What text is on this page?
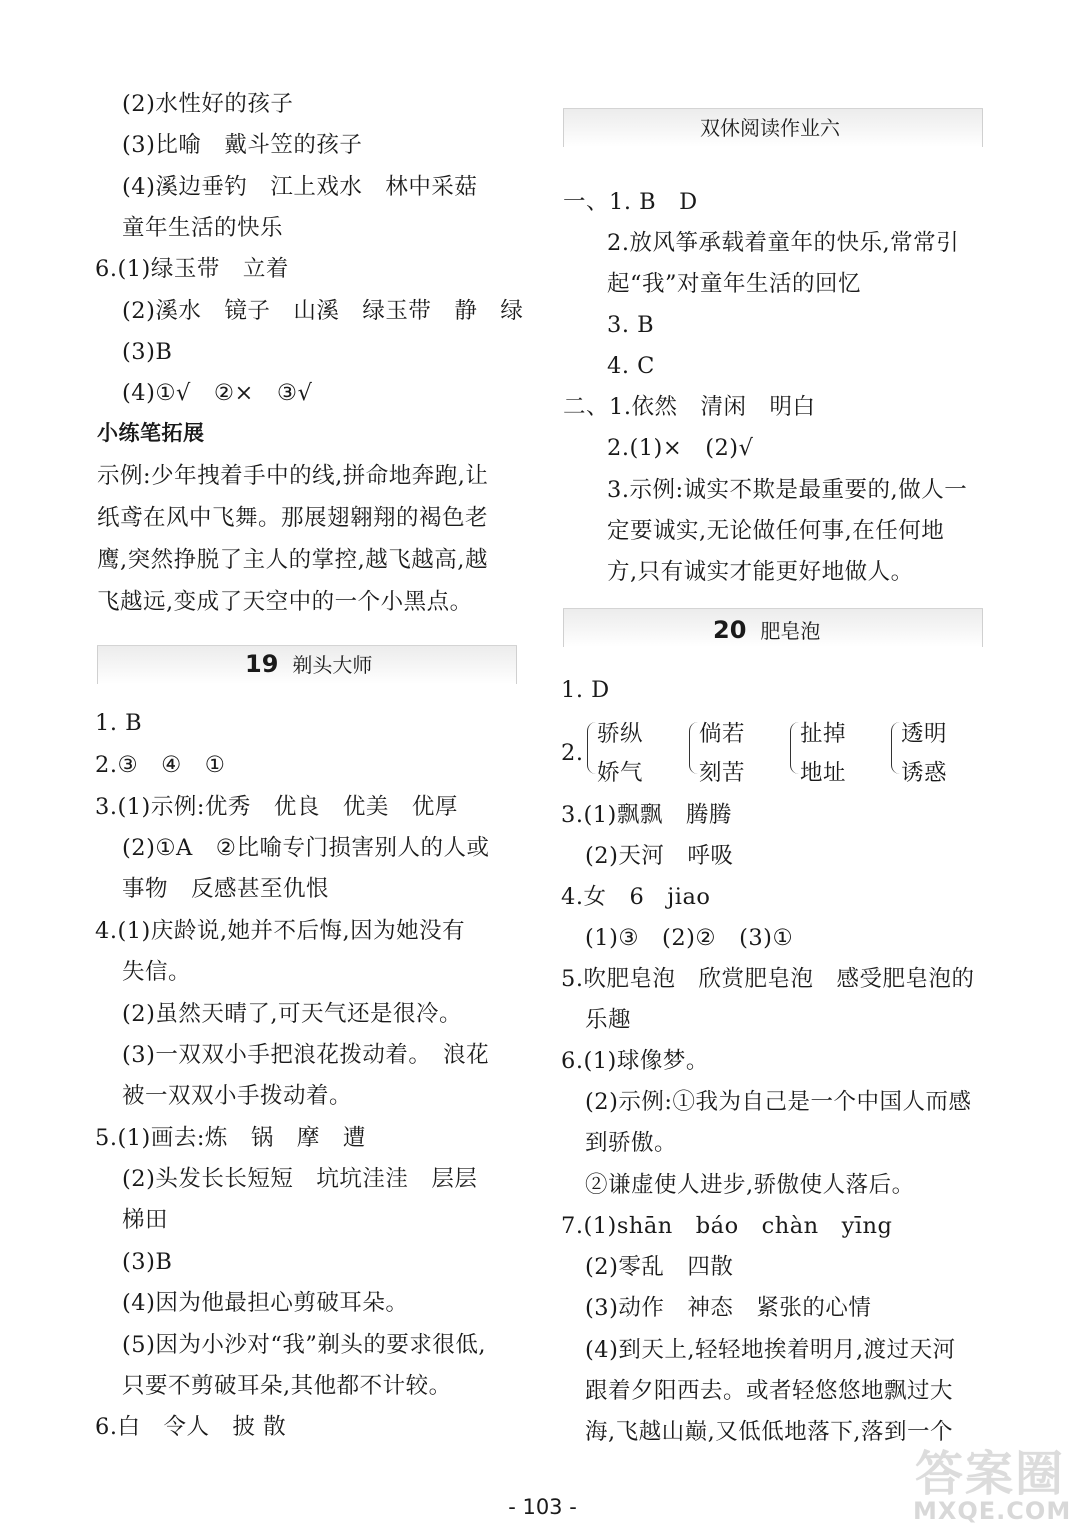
(2)水性好的孩子
(3)比喻　戴斗笠的孩子
(4)溪边垂钓　江上戏水　林中采菇
童年生活的快乐
6.(1)绿玉带　立着
(2)溪水　镜子　山溪　绿玉带　静　绿
(3)B
(4)①√　②×　③√
小练笔拓展
示例:少年拽着手中的线,拼命地奔跑,让
纸鸢在风中飞舞。那展翅翱翔的褐色老
鹰,突然挣脱了主人的掌控,越飞越高,越
飞越远,变成了天空中的一个小黑点。
19 剃头大师
1. B
2.③　④　①
3.(1)示例:优秀　优良　优美　优厚
(2)①A　②比喻专门损害别人的人或
事物　反感甚至仇恨
4.(1)庆龄说,她并不后悔,因为她没有
失信。
(2)虽然天晴了,可天气还是很冷。
(3)一双双小手把浪花拨动着。　浪花
被一双双小手拨动着。
5.(1)画去:炼　锅　摩　遭
(2)头发长长短短　坑坑洼洼　层层
梯田
(3)B
(4)因为他最担心剪破耳朵。
(5)因为小沙对“我”剃头的要求很低,
只要不剪破耳朵,其他都不计较。
6.白　令人　披 散
双休阅读作业六
一、1. B　D
2.放风筝承载着童年的快乐,常常引
起“我”对童年生活的回忆
3. B
4. C
二、1.依然　清闲　明白
2.(1)×　(2)√
3.示例:诚实不欺是最重要的,做人一
定要诚实,无论做任何事,在任何地
方,只有诚实才能更好地做人。
20 肥皂泡
1. D
2.
骄纵
娇气
倘若
刻苦
扯掉
地址
透明
诱惑
3.(1)飘飘　腾腾
(2)天河　呼吸
4.女　6　jiao
(1)③　(2)②　(3)①
5.吹肥皂泡　欣赏肥皂泡　感受肥皂泡的
乐趣
6.(1)球像梦。
(2)示例:①我为自己是一个中国人而感
到骄傲。
②谦虚使人进步,骄傲使人落后。
7.(1)shān　báo　chàn　yīng
(2)零乱　四散
(3)动作　神态　紧张的心情
(4)到天上,轻轻地挨着明月,渡过天河
跟着夕阳西去。或者轻悠悠地飘过大
海,飞越山巅,又低低地落下,落到一个
- 103 -
答案圈
MXQE.COM
